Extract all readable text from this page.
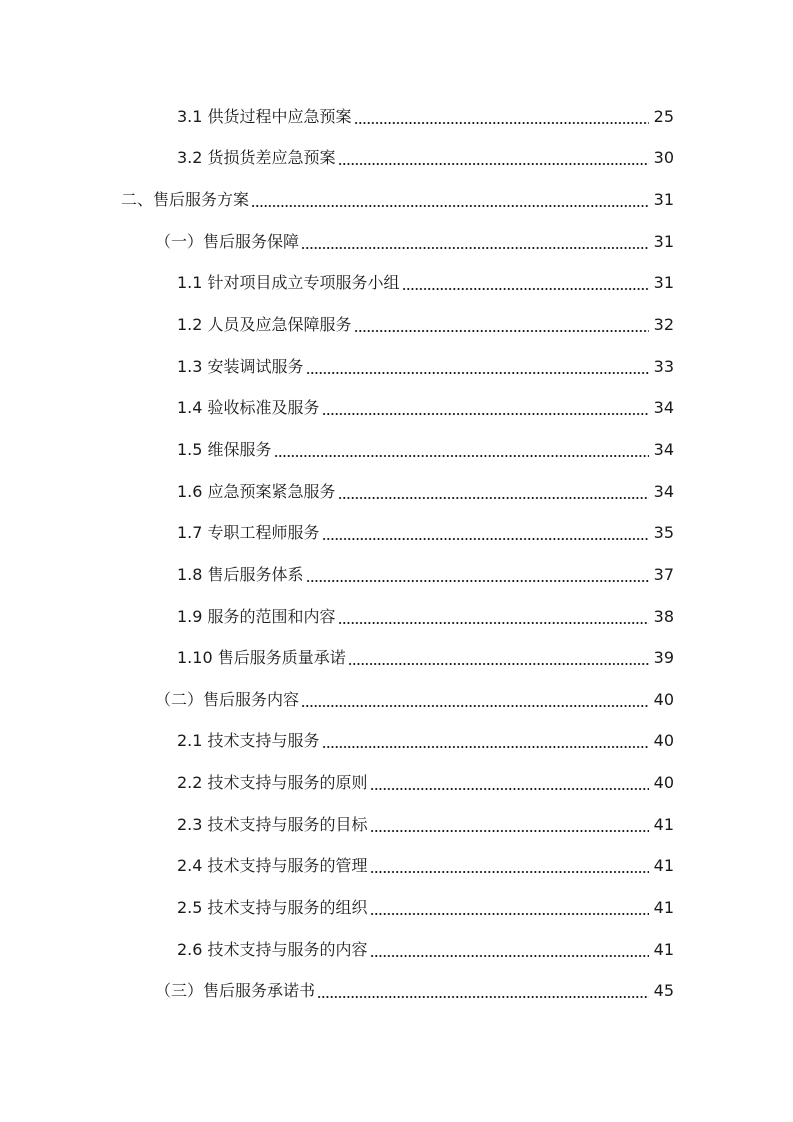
3.1 供货过程中应急预案	25
3.2 货损货差应急预案	30
二、售后服务方案	31
（一）售后服务保障	31
1.1 针对项目成立专项服务小组	31
1.2 人员及应急保障服务	32
1.3 安装调试服务	33
1.4 验收标准及服务	34
1.5 维保服务	34
1.6 应急预案紧急服务	34
1.7 专职工程师服务	35
1.8 售后服务体系	37
1.9 服务的范围和内容	38
1.10 售后服务质量承诺	39
（二）售后服务内容	40
2.1 技术支持与服务	40
2.2 技术支持与服务的原则	40
2.3 技术支持与服务的目标	41
2.4 技术支持与服务的管理	41
2.5 技术支持与服务的组织	41
2.6 技术支持与服务的内容	41
（三）售后服务承诺书	45
